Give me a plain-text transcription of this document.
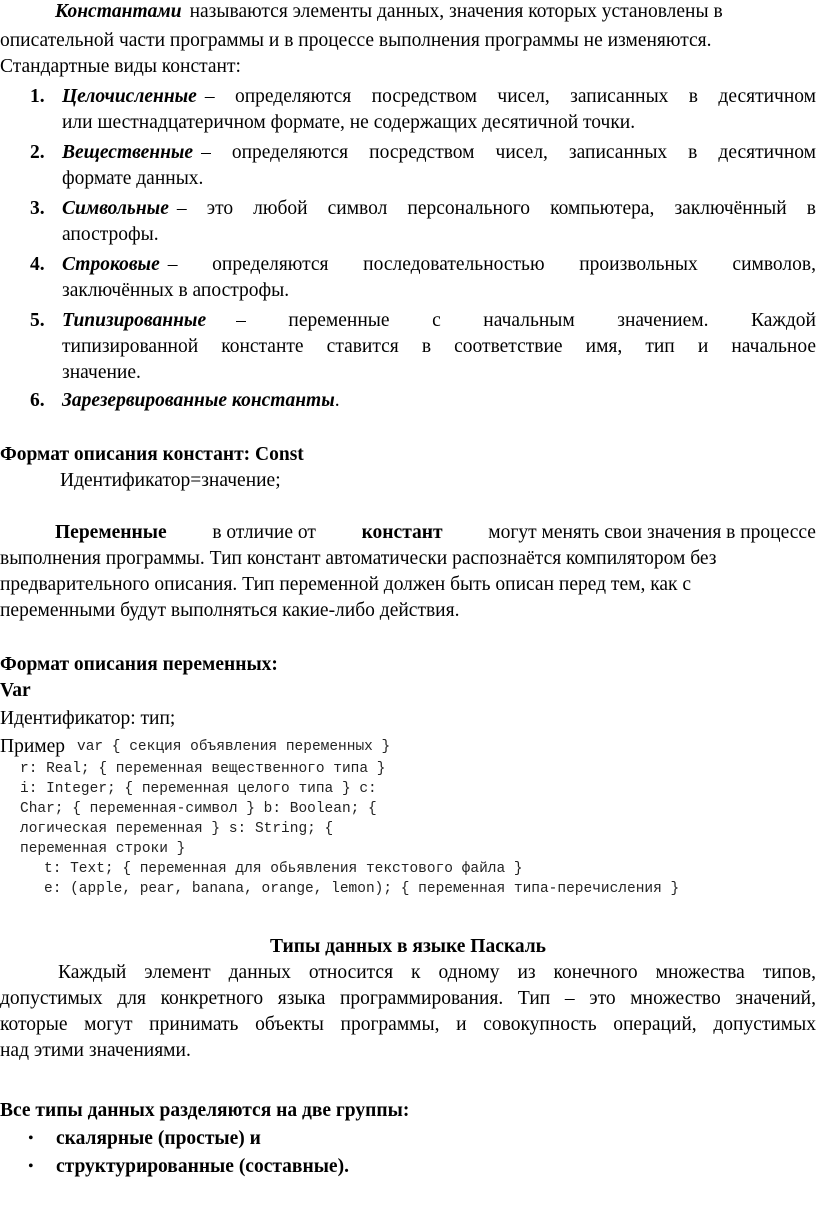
Константами называются элементы данных, значения которых установлены в
описательной части программы и в процессе выполнения программы не изменяются.
Стандартные виды констант:
1. Целочисленные – определяются посредством чисел, записанных в десятичном
или шестнадцатеричном формате, не содержащих десятичной точки.
2. Вещественные – определяются посредством чисел, записанных в десятичном
формате данных.
3. Символьные – это любой символ персонального компьютера, заключённый в
апострофы.
4. Строковые – определяются последовательностью произвольных символов,
заключённых в апострофы.
5. Типизированные – переменные с начальным значением. Каждой
типизированной константе ставится в соответствие имя, тип и начальное
значение.
6. Зарезервированные константы.
Формат описания констант: Const
Идентификатор=значение;
Переменные в отличие от констант могут менять свои значения в процессе
выполнения программы. Тип констант автоматически распознаётся компилятором без
предварительного описания. Тип переменной должен быть описан перед тем, как с
переменными будут выполняться какие-либо действия.
Формат описания переменных:
Var
Идентификатор: тип;
Пример var { секция объявления переменных }
r: Real; { переменная вещественного типа }
i: Integer; { переменная целого типа } c:
Char; { переменная-символ } b: Boolean; {
логическая переменная } s: String; {
переменная строки }
t: Text; { переменная для обьявления текстового файла }
e: (apple, pear, banana, orange, lemon); { переменная типа-перечисления }
Типы данных в языке Паскаль
Каждый элемент данных относится к одному из конечного множества типов,
допустимых для конкретного языка программирования. Тип – это множество значений,
которые могут принимать объекты программы, и совокупность операций, допустимых
над этими значениями.
Все типы данных разделяются на две группы:
• скалярные (простые) и
• структурированные (составные).
